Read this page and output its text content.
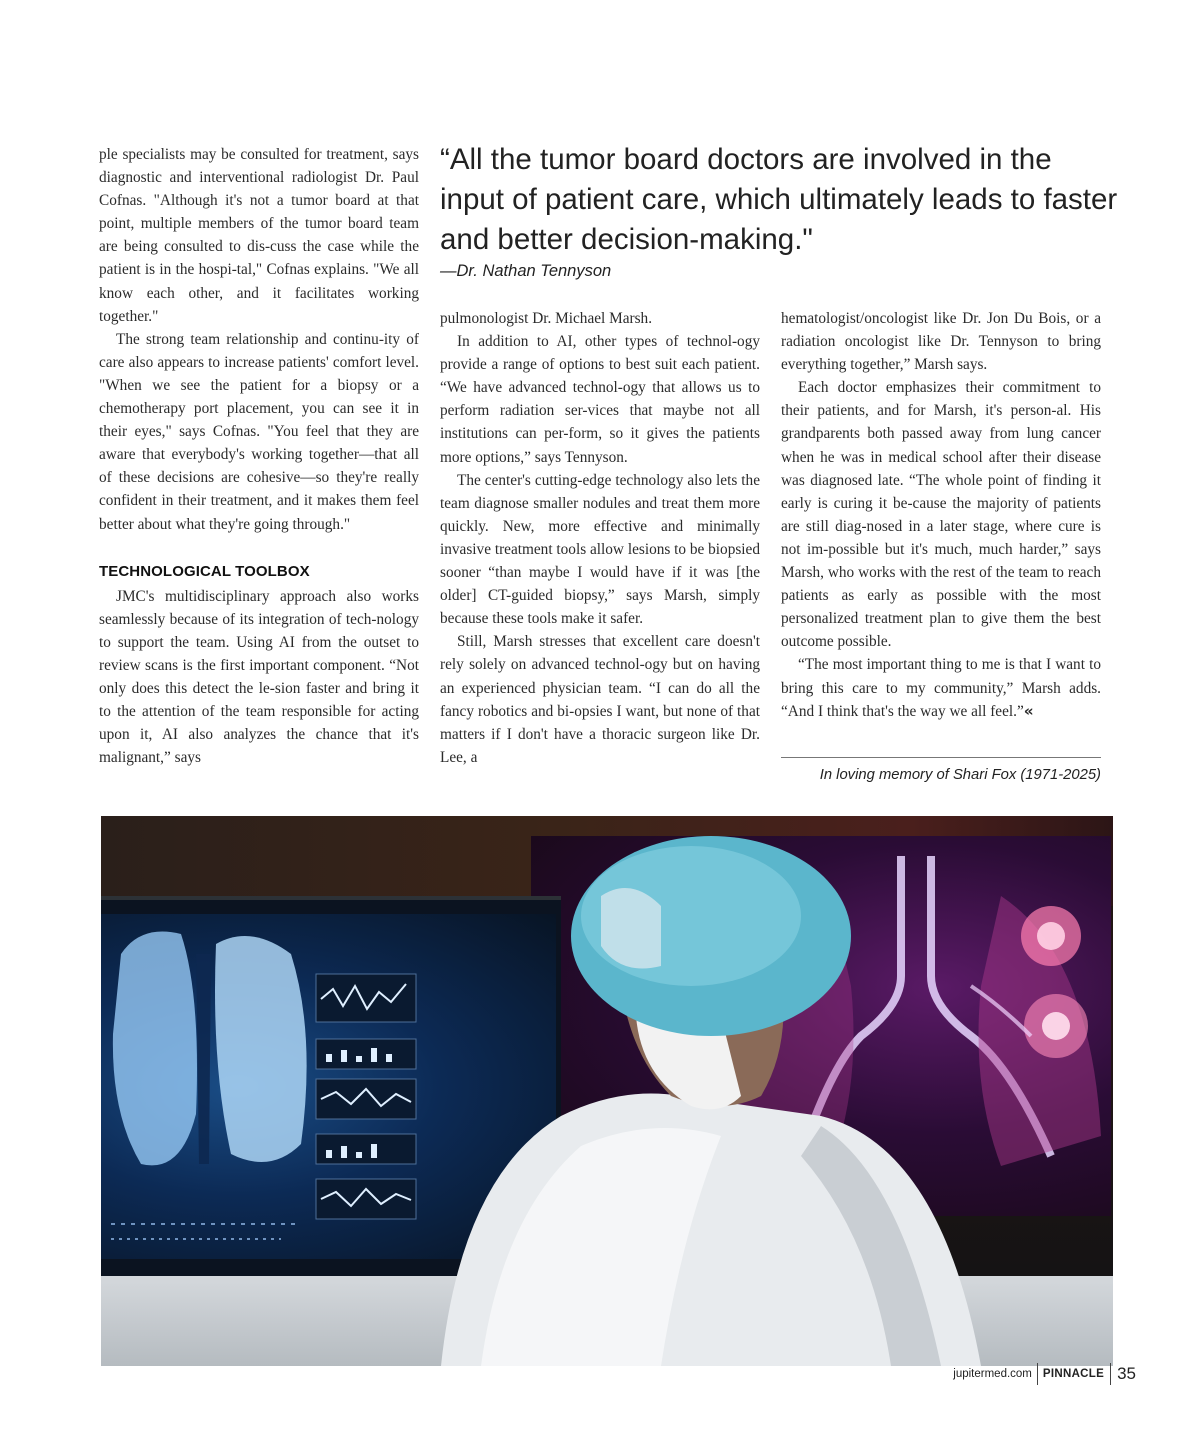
ple specialists may be consulted for treatment, says diagnostic and interventional radiologist Dr. Paul Cofnas. "Although it's not a tumor board at that point, multiple members of the tumor board team are being consulted to dis-cuss the case while the patient is in the hospi-tal," Cofnas explains. "We all know each other, and it facilitates working together."

The strong team relationship and continu-ity of care also appears to increase patients' comfort level. "When we see the patient for a biopsy or a chemotherapy port placement, you can see it in their eyes," says Cofnas. "You feel that they are aware that everybody's working together—that all of these decisions are cohesive—so they're really confident in their treatment, and it makes them feel better about what they're going through."

TECHNOLOGICAL TOOLBOX

JMC's multidisciplinary approach also works seamlessly because of its integration of tech-nology to support the team. Using AI from the outset to review scans is the first important component. “Not only does this detect the le-sion faster and bring it to the attention of the team responsible for acting upon it, AI also analyzes the chance that it's malignant,” says

“All the tumor board doctors are involved in the input of patient care, which ultimately leads to faster and better decision-making."

—Dr. Nathan Tennyson

pulmonologist Dr. Michael Marsh.

In addition to AI, other types of technol-ogy provide a range of options to best suit each patient. “We have advanced technol-ogy that allows us to perform radiation ser-vices that maybe not all institutions can per-form, so it gives the patients more options,” says Tennyson.

The center's cutting-edge technology also lets the team diagnose smaller nodules and treat them more quickly. New, more effective and minimally invasive treatment tools allow lesions to be biopsied sooner “than maybe I would have if it was [the older] CT-guided biopsy,” says Marsh, simply because these tools make it safer.

Still, Marsh stresses that excellent care doesn't rely solely on advanced technol-ogy but on having an experienced physician team. “I can do all the fancy robotics and bi-opsies I want, but none of that matters if I don't have a thoracic surgeon like Dr. Lee, a

hematologist/oncologist like Dr. Jon Du Bois, or a radiation oncologist like Dr. Tennyson to bring everything together,” Marsh says.

Each doctor emphasizes their commitment to their patients, and for Marsh, it's person-al. His grandparents both passed away from lung cancer when he was in medical school after their disease was diagnosed late. “The whole point of finding it early is curing it be-cause the majority of patients are still diag-nosed in a later stage, where cure is not im-possible but it's much, much harder,” says Marsh, who works with the rest of the team to reach patients as early as possible with the most personalized treatment plan to give them the best outcome possible.

“The most important thing to me is that I want to bring this care to my community,” Marsh adds. “And I think that's the way we all feel.”«

In loving memory of Shari Fox (1971-2025)
jupitermed.com PINNACLE 35
